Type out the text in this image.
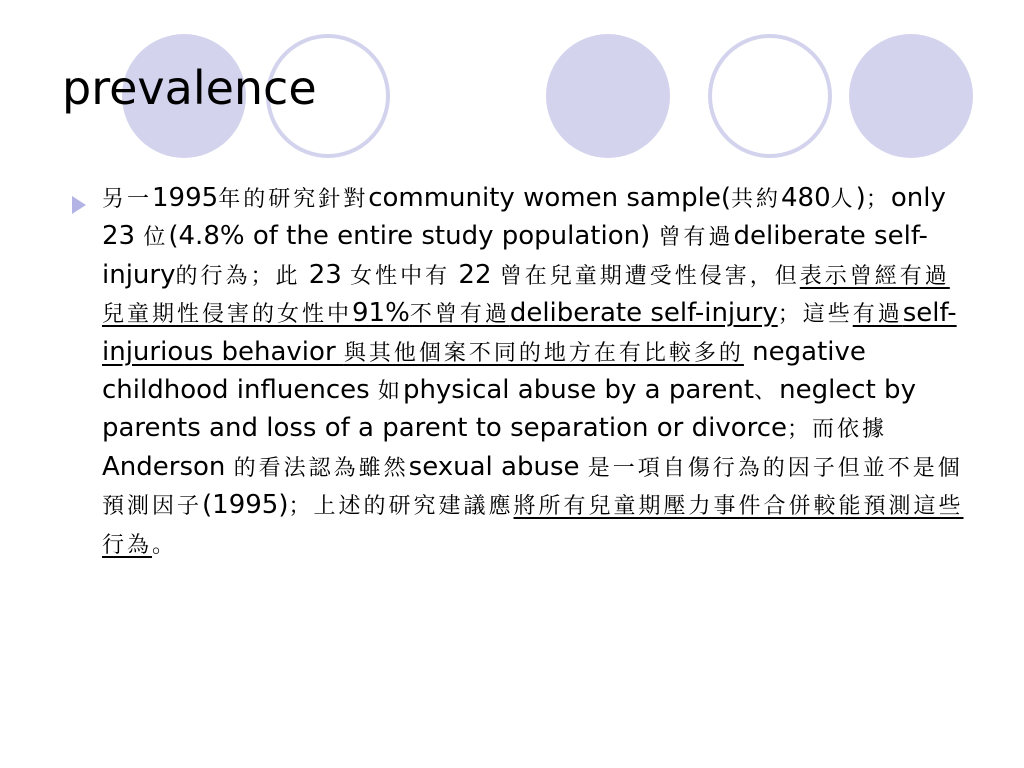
prevalence

另一1995年的研究針對community women sample(共約480人)；only 23 位(4.8% of the entire study population) 曾有過deliberate self-injury的行為；此 23 女性中有 22 曾在兒童期遭受性侵害，但表示曾經有過兒童期性侵害的女性中91%不曾有過deliberate self-injury；這些有過self-injurious behavior 與其他個案不同的地方在有比較多的 negative childhood influences 如physical abuse by a parent、neglect by parents and loss of a parent to separation or divorce；而依據 Anderson 的看法認為雖然sexual abuse 是一項自傷行為的因子但並不是個預測因子(1995)；上述的研究建議應將所有兒童期壓力事件合併較能預測這些行為。
